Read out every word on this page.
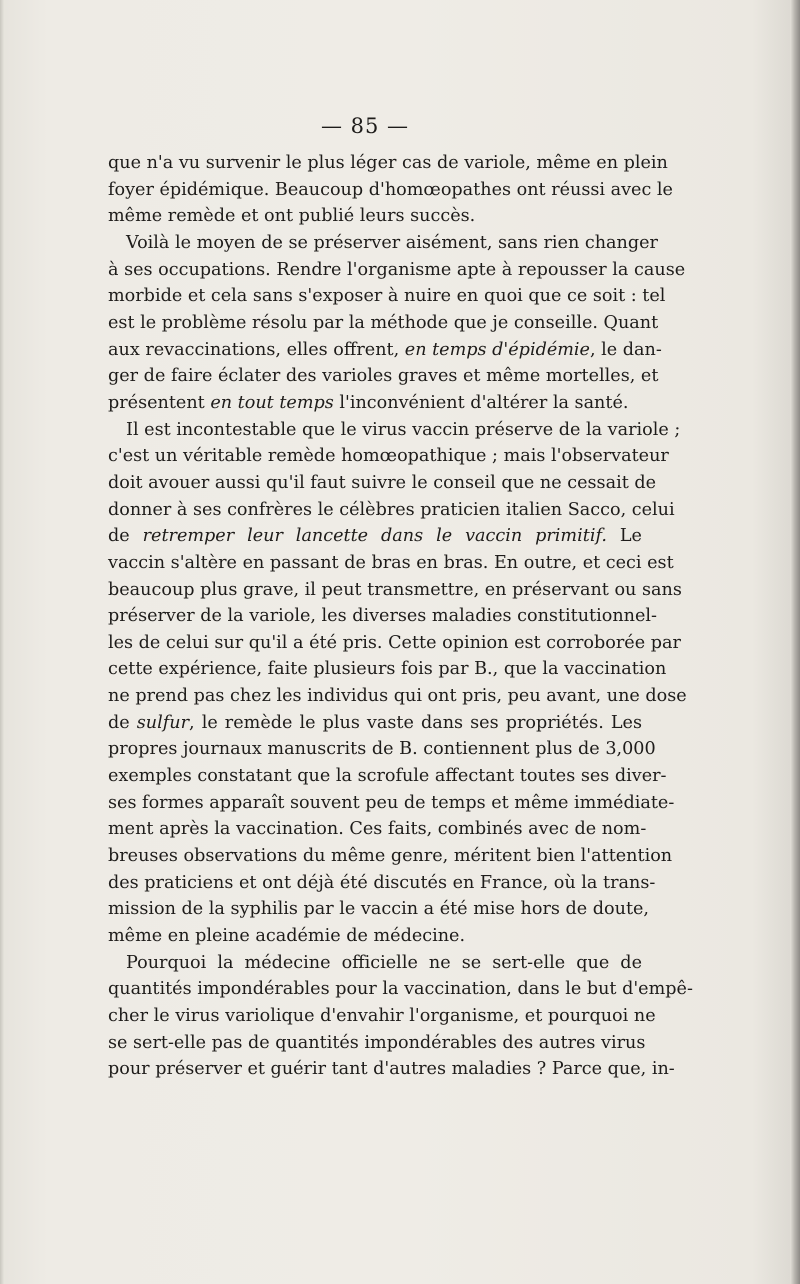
— 85 —
que n'a vu survenir le plus léger cas de variole, même en plein
foyer épidémique. Beaucoup d'homœopathes ont réussi avec le
même remède et ont publié leurs succès.
Voilà le moyen de se préserver aisément, sans rien changer
à ses occupations. Rendre l'organisme apte à repousser la cause
morbide et cela sans s'exposer à nuire en quoi que ce soit : tel
est le problème résolu par la méthode que je conseille. Quant
aux revaccinations, elles offrent, en temps d'épidémie, le dan-
ger de faire éclater des varioles graves et même mortelles, et
présentent en tout temps l'inconvénient d'altérer la santé.
Il est incontestable que le virus vaccin préserve de la variole ;
c'est un véritable remède homœopathique ; mais l'observateur
doit avouer aussi qu'il faut suivre le conseil que ne cessait de
donner à ses confrères le célèbres praticien italien Sacco, celui
de retremper leur lancette dans le vaccin primitif. Le
vaccin s'altère en passant de bras en bras. En outre, et ceci est
beaucoup plus grave, il peut transmettre, en préservant ou sans
préserver de la variole, les diverses maladies constitutionnel-
les de celui sur qu'il a été pris. Cette opinion est corroborée par
cette expérience, faite plusieurs fois par B., que la vaccination
ne prend pas chez les individus qui ont pris, peu avant, une dose
de sulfur, le remède le plus vaste dans ses propriétés. Les
propres journaux manuscrits de B. contiennent plus de 3,000
exemples constatant que la scrofule affectant toutes ses diver-
ses formes apparaît souvent peu de temps et même immédiate-
ment après la vaccination. Ces faits, combinés avec de nom-
breuses observations du même genre, méritent bien l'attention
des praticiens et ont déjà été discutés en France, où la trans-
mission de la syphilis par le vaccin a été mise hors de doute,
même en pleine académie de médecine.
Pourquoi la médecine officielle ne se sert-elle que de
quantités impondérables pour la vaccination, dans le but d'empê-
cher le virus variolique d'envahir l'organisme, et pourquoi ne
se sert-elle pas de quantités impondérables des autres virus
pour préserver et guérir tant d'autres maladies ? Parce que, in-
